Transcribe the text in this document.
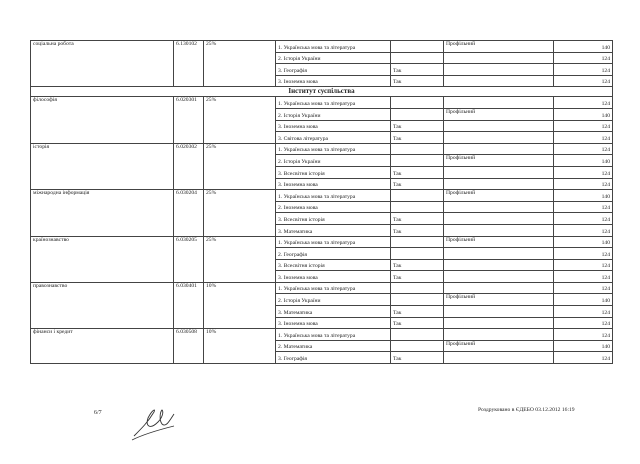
соціальна робота	6.130102	25%	1. Українська мова та література		Профільний	140
			2. Історія України			124
			3. Географія	Так		124
			3. Іноземна мова	Так		124
Інститут суспільства						
філософія	6.020301	25%	1. Українська мова та література			124
			2. Історія України		Профільний	140
			3. Іноземна мова	Так		124
			3. Світова література	Так		124
історія	6.020302	25%	1. Українська мова та література			124
			2. Історія України		Профільний	140
			3. Всесвітня історія	Так		124
			3. Іноземна мова	Так		124
міжнародна інформація	6.030204	25%	1. Українська мова та література		Профільний	140
			2. Іноземна мова			124
			3. Всесвітня історія	Так		124
			3. Математика	Так		124
країнознавство	6.030205	25%	1. Українська мова та література		Профільний	140
			2. Географія			124
			3. Всесвітня історія	Так		124
			3. Іноземна мова	Так		124
правознавство	6.030401	10%	1. Українська мова та література			124
			2. Історія України		Профільний	140
			3. Математика	Так		124
			3. Іноземна мова	Так		124
фінанси і кредит	6.030508	10%	1. Українська мова та література			124
			2. Математика		Профільний	140
			3. Географія	Так		124
6/7	Роздруковано в ЄДЕБО 03.12.2012 16:19
